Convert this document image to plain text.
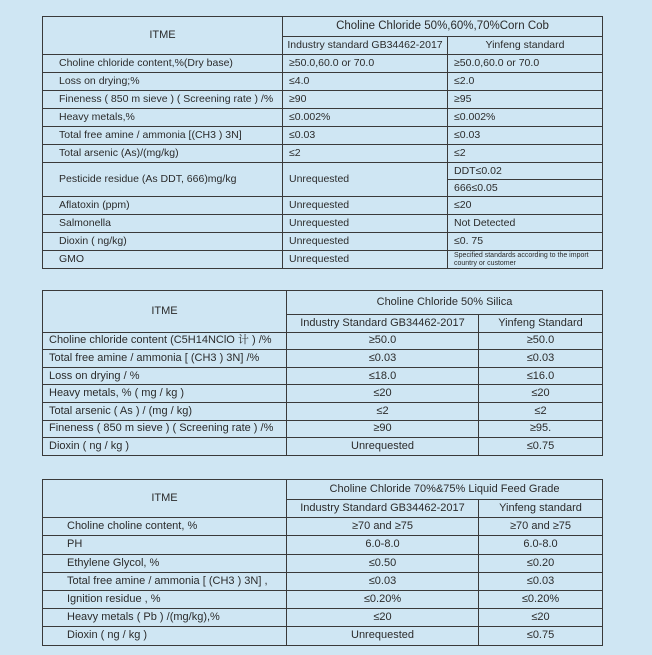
ITME	Choline Chloride 50%,60%,70%Corn Cob	
	Industry standard GB34462-2017	Yinfeng standard
Choline chloride content,%(Dry base)	≥50.0,60.0 or 70.0	≥50.0,60.0 or 70.0
Loss on drying;%	≤4.0	≤2.0
Fineness ( 850 m sieve ) ( Screening rate ) /%	≥90	≥95
Heavy metals,%	≤0.002%	≤0.002%
Total free amine / ammonia [(CH3 ) 3N]	≤0.03	≤0.03
Total arsenic (As)/(mg/kg)	≤2	≤2
Pesticide residue (As DDT, 666)mg/kg	Unrequested	DDT≤0.02
		666≤0.05
Aflatoxin (ppm)	Unrequested	≤20
Salmonella	Unrequested	Not Detected
Dioxin ( ng/kg)	Unrequested	≤0. 75
GMO	Unrequested	Specified standards according to the import country or customer
ITME	Choline Chloride 50% Silica	
	Industry Standard GB34462-2017	Yinfeng Standard
Choline chloride content (C5H14NClO 计 ) /%	≥50.0	≥50.0
Total free amine / ammonia [ (CH3 ) 3N] /%	≤0.03	≤0.03
Loss on drying / %	≤18.0	≤16.0
Heavy metals, % ( mg / kg )	≤20	≤20
Total arsenic ( As ) / (mg / kg)	≤2	≤2
Fineness ( 850 m sieve ) ( Screening rate ) /%	≥90	≥95.
Dioxin ( ng / kg )	Unrequested	≤0.75
ITME	Choline Chloride 70%&75% Liquid Feed Grade	
	Industry Standard GB34462-2017	Yinfeng standard
Choline choline content, %	≥70 and ≥75	≥70 and ≥75
PH	6.0-8.0	6.0-8.0
Ethylene Glycol, %	≤0.50	≤0.20
Total free amine / ammonia [ (CH3 ) 3N] ,	≤0.03	≤0.03
Ignition residue , %	≤0.20%	≤0.20%
Heavy metals ( Pb ) /(mg/kg),%	≤20	≤20
Dioxin ( ng / kg )	Unrequested	≤0.75
